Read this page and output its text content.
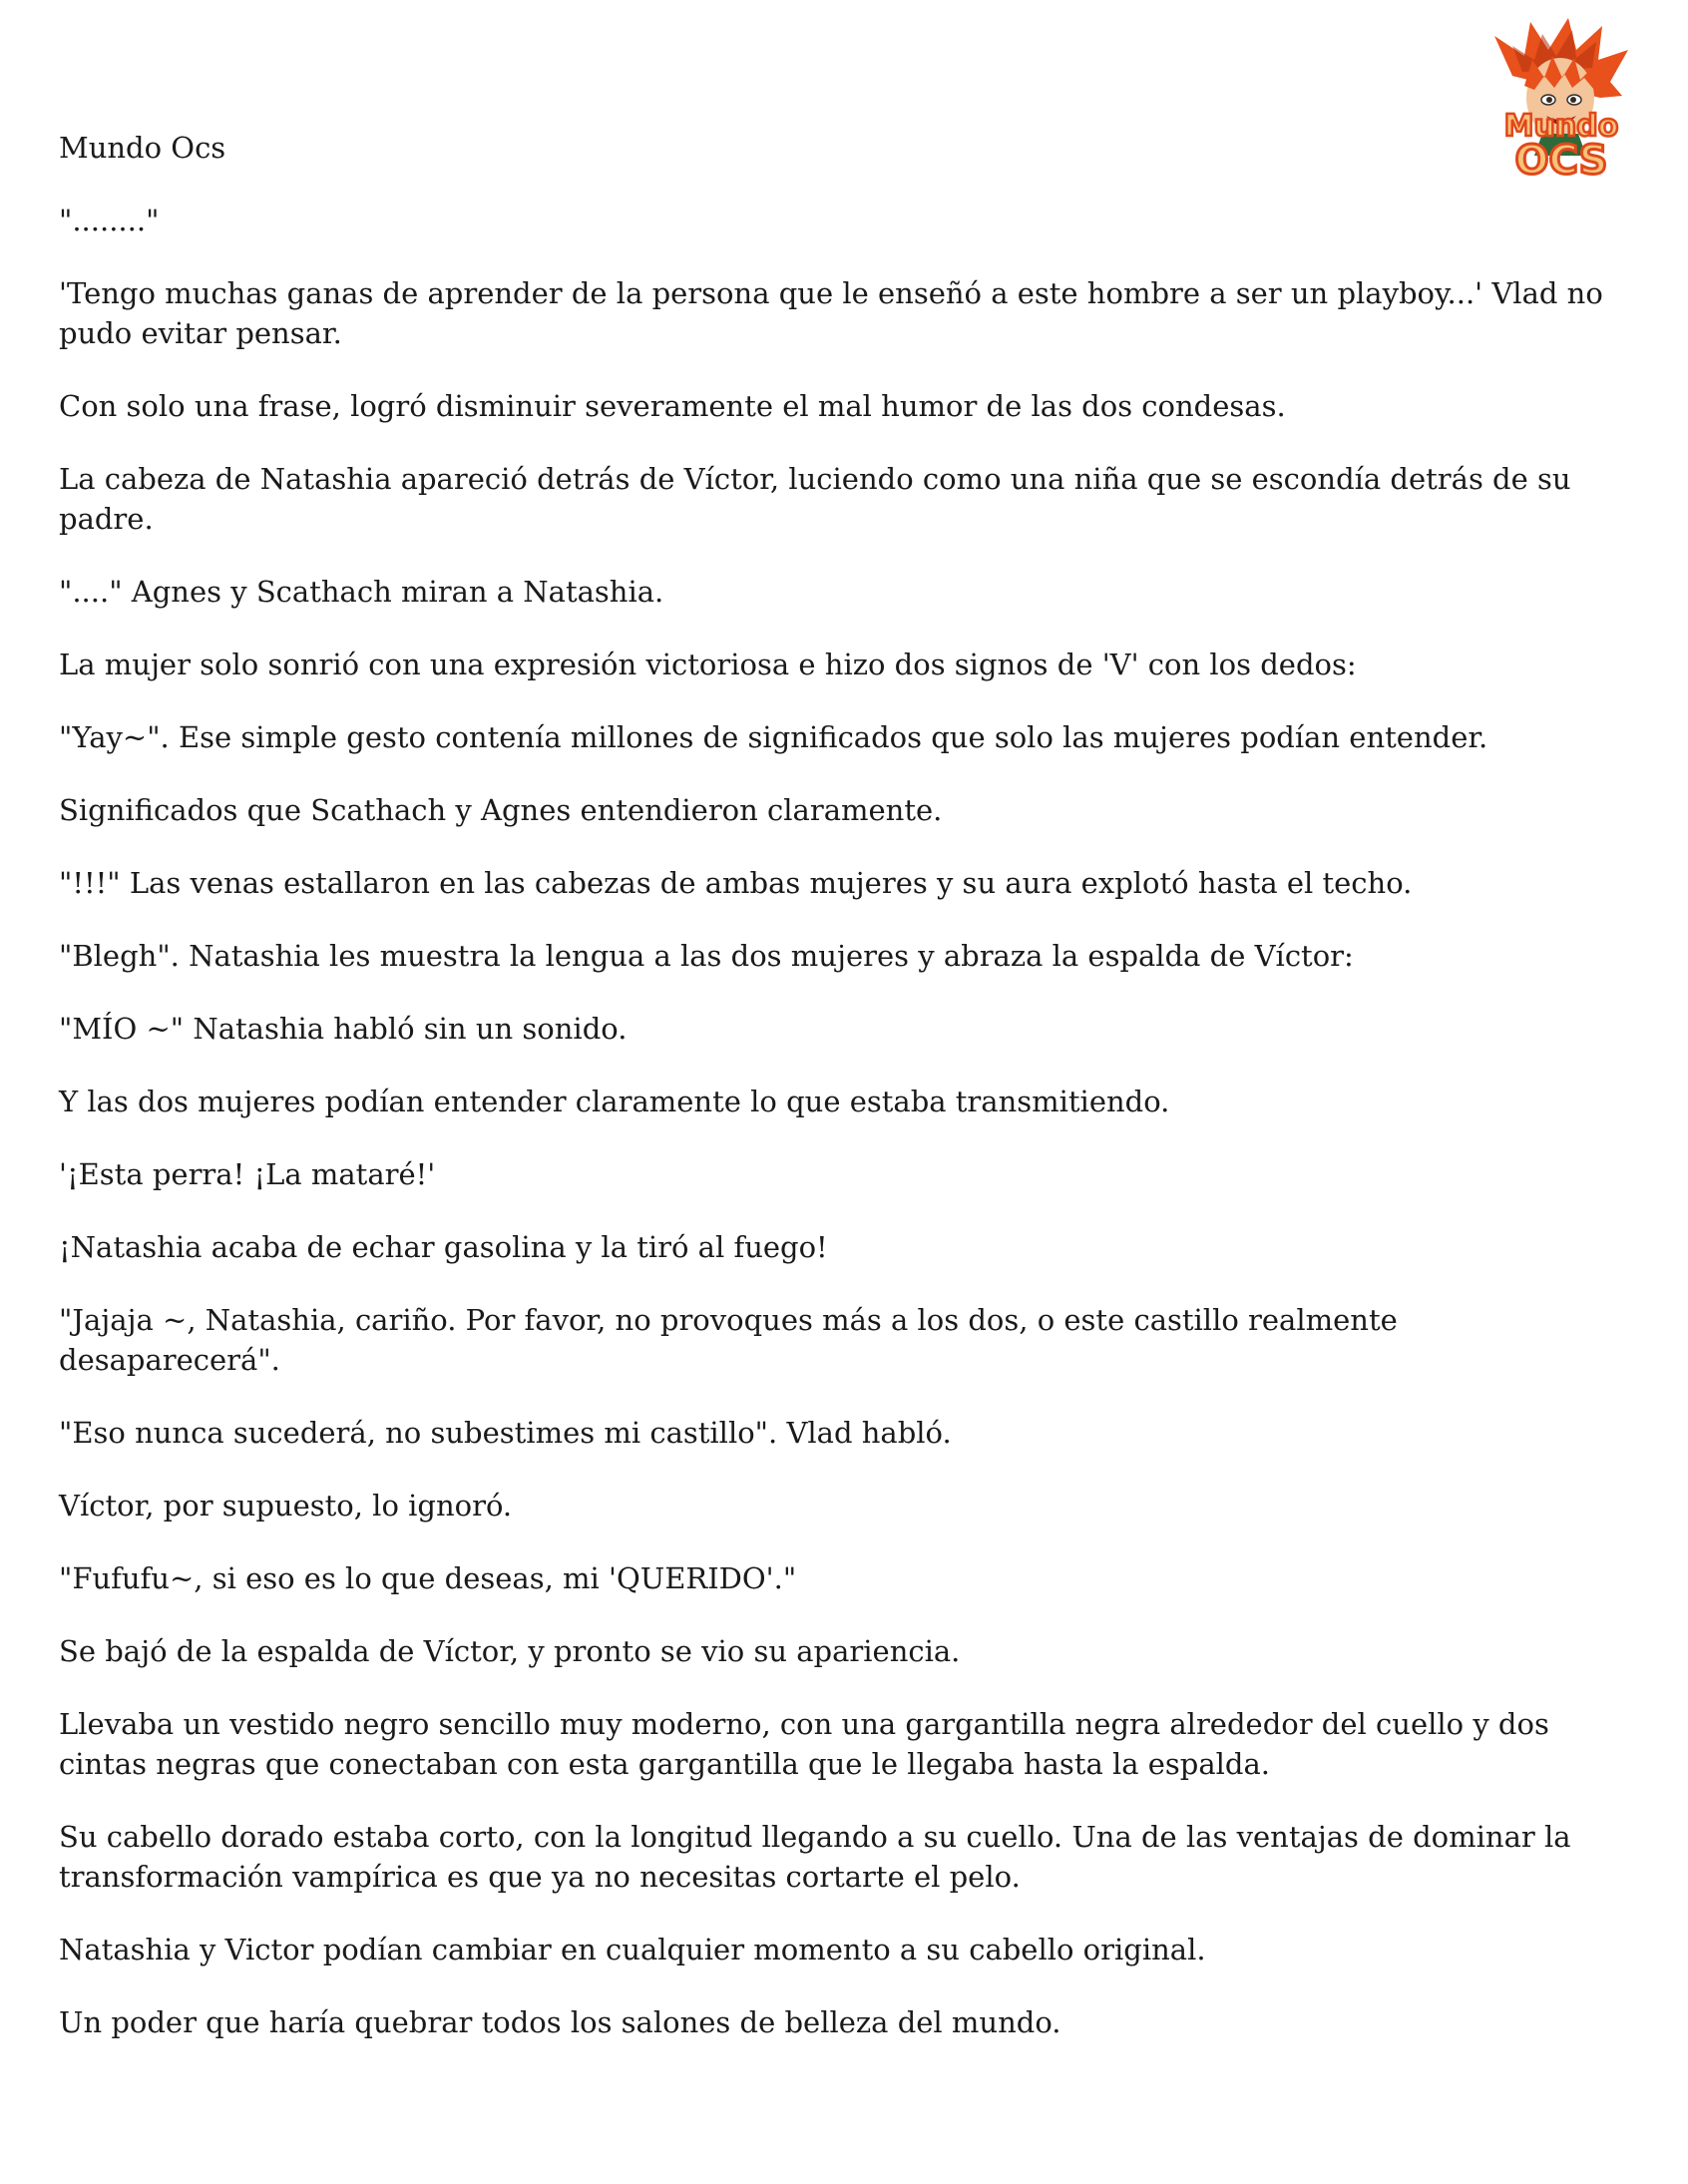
Mundo
OCS

Mundo Ocs

"........"

'Tengo muchas ganas de aprender de la persona que le enseñó a este hombre a ser un playboy...' Vlad no pudo evitar pensar.

Con solo una frase, logró disminuir severamente el mal humor de las dos condesas.

La cabeza de Natashia apareció detrás de Víctor, luciendo como una niña que se escondía detrás de su padre.

"...." Agnes y Scathach miran a Natashia.

La mujer solo sonrió con una expresión victoriosa e hizo dos signos de 'V' con los dedos:

"Yay~". Ese simple gesto contenía millones de significados que solo las mujeres podían entender.

Significados que Scathach y Agnes entendieron claramente.

"!!!" Las venas estallaron en las cabezas de ambas mujeres y su aura explotó hasta el techo.

"Blegh". Natashia les muestra la lengua a las dos mujeres y abraza la espalda de Víctor:

"MÍO ~" Natashia habló sin un sonido.

Y las dos mujeres podían entender claramente lo que estaba transmitiendo.

'¡Esta perra! ¡La mataré!'

¡Natashia acaba de echar gasolina y la tiró al fuego!

"Jajaja ~, Natashia, cariño. Por favor, no provoques más a los dos, o este castillo realmente desaparecerá".

"Eso nunca sucederá, no subestimes mi castillo". Vlad habló.

Víctor, por supuesto, lo ignoró.

"Fufufu~, si eso es lo que deseas, mi 'QUERIDO'."

Se bajó de la espalda de Víctor, y pronto se vio su apariencia.

Llevaba un vestido negro sencillo muy moderno, con una gargantilla negra alrededor del cuello y dos cintas negras que conectaban con esta gargantilla que le llegaba hasta la espalda.

Su cabello dorado estaba corto, con la longitud llegando a su cuello. Una de las ventajas de dominar la transformación vampírica es que ya no necesitas cortarte el pelo.

Natashia y Victor podían cambiar en cualquier momento a su cabello original.

Un poder que haría quebrar todos los salones de belleza del mundo.
